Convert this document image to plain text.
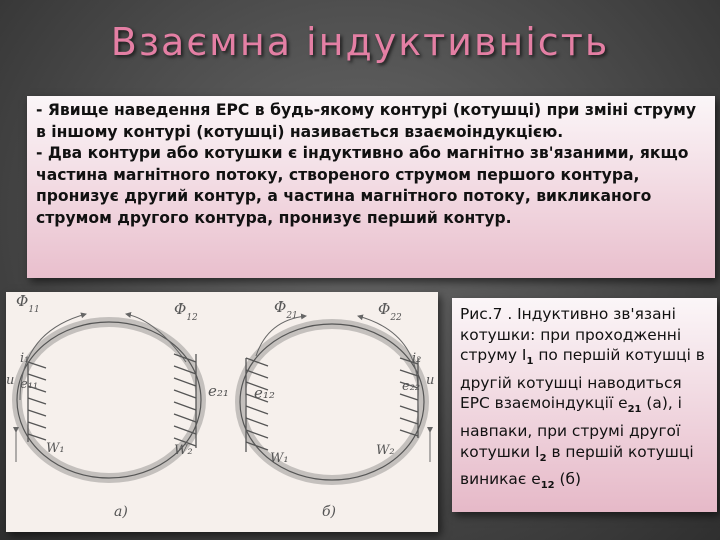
Взаємна індуктивність

- Явище наведення ЕРС в будь-якому контурі (котушці) при зміні струму в іншому контурі (котушці) називається взаємоіндукцією.

- Два контури або котушки є індуктивно або магнітно зв'язаними, якщо частина магнітного потоку, створеного струмом першого контура, пронизує другий контур, а частина магнітного потоку, викликаного струмом другого контура, пронизує перший контур.

$\Phi_{11}$	$\Phi_{12}$
i₁
u e₁₁	e₂₁
W₁	W₂
а)
$\Phi_{21}$	$\Phi_{22}$
i₂
u
e₂₂
e₁₂
W₁
W₂
б)
Рис.7 . Індуктивно зв'язані котушки: при проходженні струму $I_1$ по першій котушці в другій котушці наводиться ЕРС взаємоіндукції $e_{21}$ (а), і навпаки, при струмі другої котушки $I_2$ в першій котушці виникає $e_{12}$ (б)
